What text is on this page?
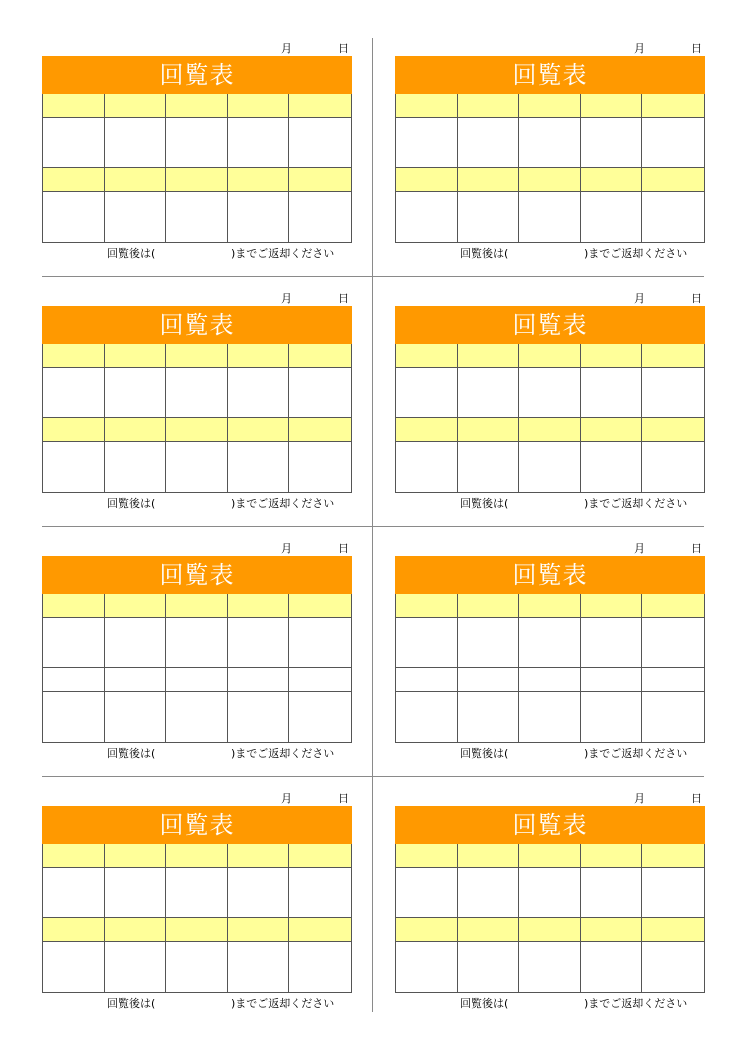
月	日
回覧表
回覧後は(	)までご返却ください
月	日
回覧表
回覧後は(	)までご返却ください
月	日
回覧表
回覧後は(	)までご返却ください
月	日
回覧表
回覧後は(	)までご返却ください
月	日
回覧表
回覧後は(	)までご返却ください
月	日
回覧表
回覧後は(	)までご返却ください
月	日
回覧表
回覧後は(	)までご返却ください
月	日
回覧表
回覧後は(	)までご返却ください
